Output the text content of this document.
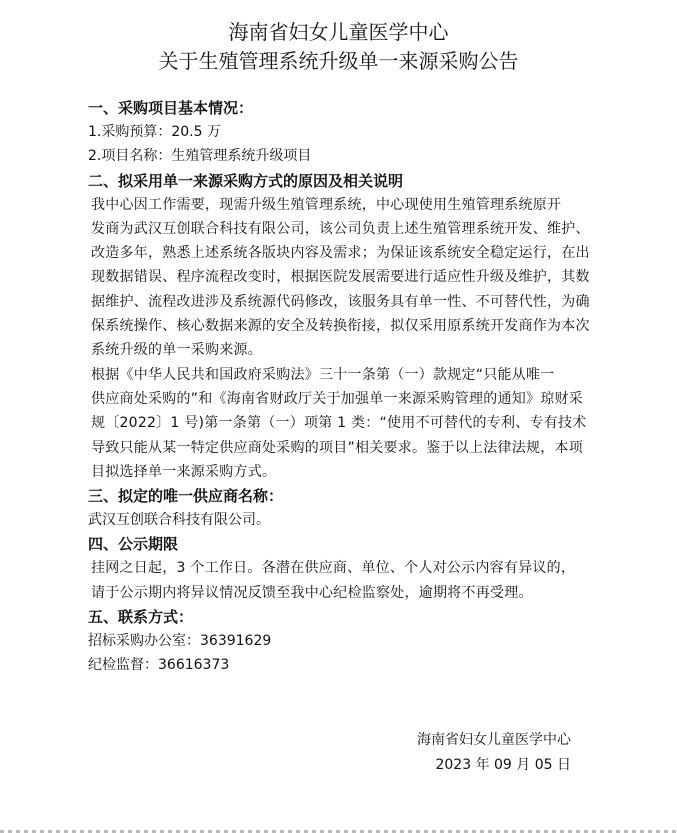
海南省妇女儿童医学中心
关于生殖管理系统升级单一来源采购公告
一、采购项目基本情况：
1.采购预算：20.5 万
2.项目名称：生殖管理系统升级项目
二、拟采用单一来源采购方式的原因及相关说明

我中心因工作需要，现需升级生殖管理系统，中心现使用生殖管理系统原开
发商为武汉互创联合科技有限公司，该公司负责上述生殖管理系统开发、维护、
改造多年，熟悉上述系统各版块内容及需求；为保证该系统安全稳定运行，在出
现数据错误、程序流程改变时，根据医院发展需要进行适应性升级及维护，其数
据维护、流程改进涉及系统源代码修改，该服务具有单一性、不可替代性，为确
保系统操作、核心数据来源的安全及转换衔接，拟仅采用原系统开发商作为本次
系统升级的单一采购来源。

根据《中华人民共和国政府采购法》三十一条第（一）款规定“只能从唯一
供应商处采购的”和《海南省财政厅关于加强单一来源采购管理的通知》琼财采
规〔2022〕1 号)第一条第（一）项第 1 类：“使用不可替代的专利、专有技术
导致只能从某一特定供应商处采购的项目”相关要求。鉴于以上法律法规，本项
目拟选择单一来源采购方式。

三、拟定的唯一供应商名称：
武汉互创联合科技有限公司。
四、公示期限

挂网之日起，3 个工作日。各潜在供应商、单位、个人对公示内容有异议的，
请于公示期内将异议情况反馈至我中心纪检监察处，逾期将不再受理。

五、联系方式：
招标采购办公室：36391629
纪检监督：36616373
海南省妇女儿童医学中心
2023 年 09 月 05 日
